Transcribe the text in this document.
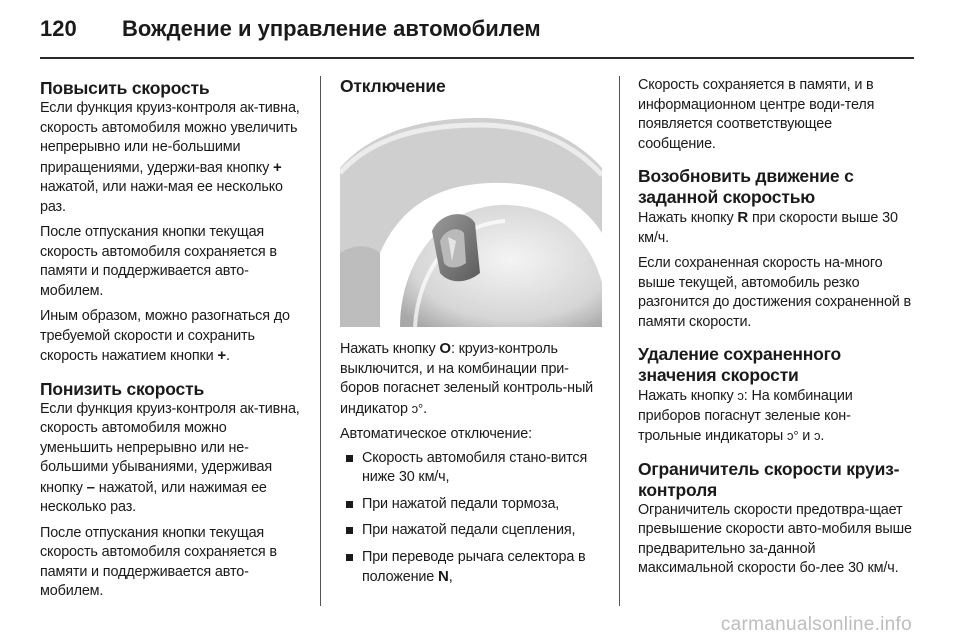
120	Вождение и управление автомобилем
Повысить скорость

Если функция круиз-контроля ак-тивна, скорость автомобиля можно увеличить непрерывно или не-большими приращениями, удержи-вая кнопку + нажатой, или нажи-мая ее несколько раз.

После отпускания кнопки текущая скорость автомобиля сохраняется в памяти и поддерживается авто-мобилем.

Иным образом, можно разогнаться до требуемой скорости и сохранить скорость нажатием кнопки +.

Понизить скорость

Если функция круиз-контроля ак-тивна, скорость автомобиля можно уменьшить непрерывно или не-большими убываниями, удерживая кнопку – нажатой, или нажимая ее несколько раз.

После отпускания кнопки текущая скорость автомобиля сохраняется в памяти и поддерживается авто-мобилем.

Отключение

Нажать кнопку O: круиз-контроль выключится, и на комбинации при-боров погаснет зеленый контроль-ный индикатор ↄ°.

Автоматическое отключение:

Скорость автомобиля стано-вится ниже 30 км/ч,
При нажатой педали тормоза,
При нажатой педали сцепления,
При переводе рычага селектора в положение N,

Скорость сохраняется в памяти, и в информационном центре води-теля появляется соответствующее сообщение.

Возобновить движение с заданной скоростью

Нажать кнопку R при скорости выше 30 км/ч.

Если сохраненная скорость на-много выше текущей, автомобиль резко разгонится до достижения сохраненной в памяти скорости.

Удаление сохраненного значения скорости

Нажать кнопку ↄ: На комбинации приборов погаснут зеленые кон-трольные индикаторы ↄ° и ↄ.

Ограничитель скорости круиз-контроля

Ограничитель скорости предотвра-щает превышение скорости авто-мобиля выше предварительно за-данной максимальной скорости бо-лее 30 км/ч.

carmanualsonline.info
